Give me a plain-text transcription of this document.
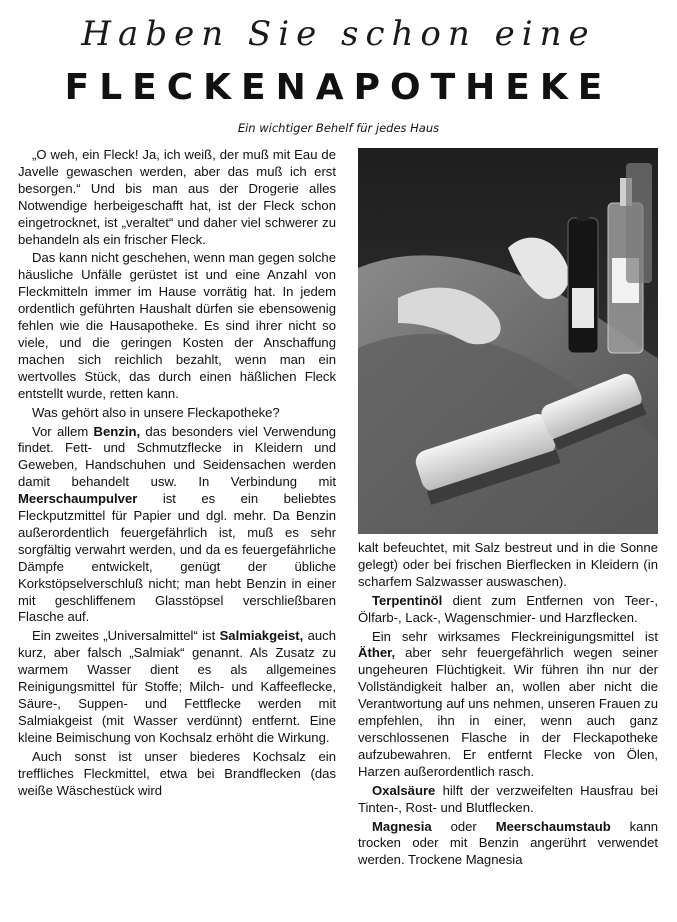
Haben Sie schon eine
FLECKENAPOTHEKE
Ein wichtiger Behelf für jedes Haus

„O weh, ein Fleck! Ja, ich weiß, der muß mit Eau de Javelle gewaschen werden, aber das muß ich erst besorgen.“ Und bis man aus der Drogerie alles Notwendige herbeigeschafft hat, ist der Fleck schon eingetrocknet, ist „veraltet“ und daher viel schwerer zu behandeln als ein frischer Fleck.

Das kann nicht geschehen, wenn man gegen solche häusliche Unfälle gerüstet ist und eine Anzahl von Fleckmitteln immer im Hause vorrätig hat. In jedem ordentlich geführten Haushalt dürfen sie ebensowenig fehlen wie die Hausapotheke. Es sind ihrer nicht so viele, und die geringen Kosten der Anschaffung machen sich reichlich bezahlt, wenn man ein wertvolles Stück, das durch einen häßlichen Fleck entstellt wurde, retten kann.

Was gehört also in unsere Fleckapotheke?

Vor allem Benzin, das besonders viel Verwendung findet. Fett- und Schmutzflecke in Kleidern und Geweben, Handschuhen und Seidensachen werden damit behandelt usw. In Verbindung mit Meerschaumpulver ist es ein beliebtes Fleckputzmittel für Papier und dgl. mehr. Da Benzin außerordentlich feuergefährlich ist, muß es sehr sorgfältig verwahrt werden, und da es feuergefährliche Dämpfe entwickelt, genügt der übliche Korkstöpselverschluß nicht; man hebt Benzin in einer mit geschliffenem Glasstöpsel verschließbaren Flasche auf.

Ein zweites „Universalmittel“ ist Salmiakgeist, auch kurz, aber falsch „Salmiak“ genannt. Als Zusatz zu warmem Wasser dient es als allgemeines Reinigungsmittel für Stoffe; Milch- und Kaffeeflecke, Säure-, Suppen- und Fettflecke werden mit Salmiakgeist (mit Wasser verdünnt) entfernt. Eine kleine Beimischung von Kochsalz erhöht die Wirkung.

Auch sonst ist unser biederes Kochsalz ein treffliches Fleckmittel, etwa bei Brandflecken (das weiße Wäschestück wird

kalt befeuchtet, mit Salz bestreut und in die Sonne gelegt) oder bei frischen Bierflecken in Kleidern (in scharfem Salzwasser auswaschen).

Terpentinöl dient zum Entfernen von Teer-, Ölfarb-, Lack-, Wagenschmier- und Harzflecken.

Ein sehr wirksames Fleckreinigungsmittel ist Äther, aber sehr feuergefährlich wegen seiner ungeheuren Flüchtigkeit. Wir führen ihn nur der Vollständigkeit halber an, wollen aber nicht die Verantwortung auf uns nehmen, unseren Frauen zu empfehlen, ihn in einer, wenn auch ganz verschlossenen Flasche in der Fleckapotheke aufzubewahren. Er entfernt Flecke von Ölen, Harzen außerordentlich rasch.

Oxalsäure hilft der verzweifelten Hausfrau bei Tinten-, Rost- und Blutflecken.

Magnesia oder Meerschaumstaub kann trocken oder mit Benzin angerührt verwendet werden. Trockene Magnesia
